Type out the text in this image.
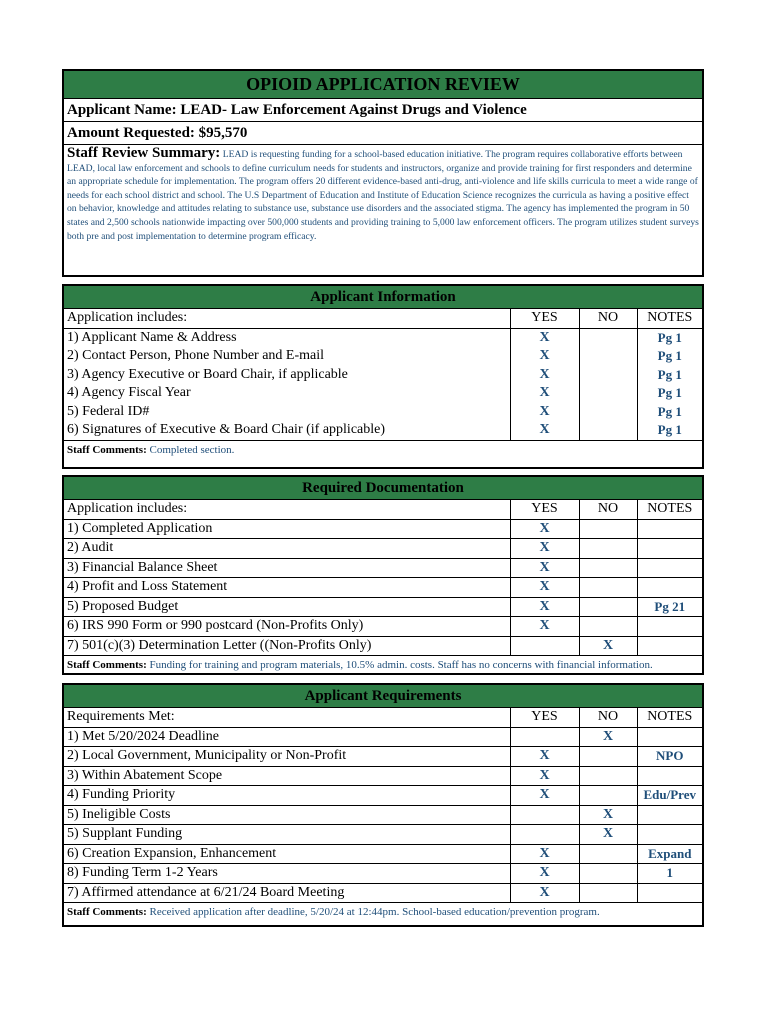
OPIOID APPLICATION REVIEW
Applicant Name: LEAD- Law Enforcement Against Drugs and Violence
Amount Requested: $95,570
Staff Review Summary: LEAD is requesting funding for a school-based education initiative. The program requires collaborative efforts between LEAD, local law enforcement and schools to define curriculum needs for students and instructors, organize and provide training for first responders and determine an appropriate schedule for implementation. The program offers 20 different evidence-based anti-drug, anti-violence and life skills curricula to meet a wide range of needs for each school district and school. The U.S Department of Education and Institute of Education Science recognizes the curricula as having a positive effect on behavior, knowledge and attitudes relating to substance use, substance use disorders and the associated stigma. The agency has implemented the program in 50 states and 2,500 schools nationwide impacting over 500,000 students and providing training to 5,000 law enforcement officers. The program utilizes student surveys both pre and post implementation to determine program efficacy.
Applicant Information
Application includes:	YES	NO	NOTES
1) Applicant Name & Address	X		Pg 1
2) Contact Person, Phone Number and E-mail	X		Pg 1
3) Agency Executive or Board Chair, if applicable	X		Pg 1
4) Agency Fiscal Year	X		Pg 1
5) Federal ID#	X		Pg 1
6) Signatures of Executive & Board Chair (if applicable)	X		Pg 1
Staff Comments: Completed section.
Required Documentation
Application includes:	YES	NO	NOTES
1) Completed Application	X		
2) Audit	X		
3) Financial Balance Sheet	X		
4) Profit and Loss Statement	X		
5) Proposed Budget	X		Pg 21
6) IRS 990 Form or 990 postcard (Non-Profits Only)	X		
7) 501(c)(3) Determination Letter ((Non-Profits Only)		X	
Staff Comments: Funding for training and program materials, 10.5% admin. costs. Staff has no concerns with financial information.
Applicant Requirements
Requirements Met:	YES	NO	NOTES
1) Met 5/20/2024 Deadline		X	
2) Local Government, Municipality or Non-Profit	X		NPO
3) Within Abatement Scope	X		
4) Funding Priority	X		Edu/Prev
5) Ineligible Costs		X	
5) Supplant Funding		X	
6) Creation Expansion, Enhancement	X		Expand
8) Funding Term 1-2 Years	X		1
7) Affirmed attendance at 6/21/24 Board Meeting	X		
Staff Comments: Received application after deadline, 5/20/24 at 12:44pm. School-based education/prevention program.
